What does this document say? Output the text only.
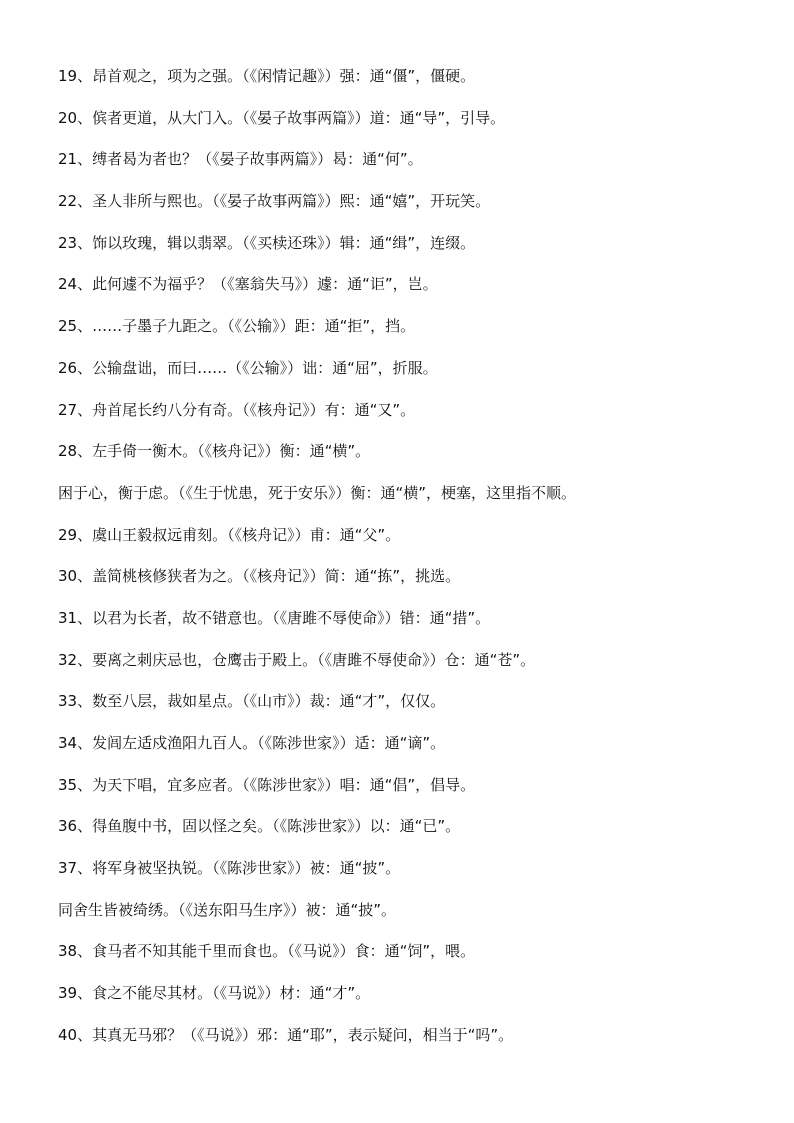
19、昂首观之，项为之强。（《闲情记趣》）强：通“僵”，僵硬。
20、傧者更道，从大门入。（《晏子故事两篇》）道：通“导”，引导。
21、缚者曷为者也？（《晏子故事两篇》）曷：通“何”。
22、圣人非所与熙也。（《晏子故事两篇》）熙：通“嬉”，开玩笑。
23、饰以玫瑰，辑以翡翠。（《买椟还珠》）辑：通“缉”，连缀。
24、此何遽不为福乎？（《塞翁失马》）遽：通“讵”，岂。
25、……子墨子九距之。（《公输》）距：通“拒”，挡。
26、公输盘诎，而曰……（《公输》）诎：通“屈”，折服。
27、舟首尾长约八分有奇。（《核舟记》）有：通“又”。
28、左手倚一衡木。（《核舟记》）衡：通“横”。
困于心，衡于虑。（《生于忧患，死于安乐》）衡：通“横”，梗塞，这里指不顺。
29、虞山王毅叔远甫刻。（《核舟记》）甫：通“父”。
30、盖简桃核修狭者为之。（《核舟记》）简：通“拣”，挑选。
31、以君为长者，故不错意也。（《唐雎不辱使命》）错：通“措”。
32、要离之刺庆忌也，仓鹰击于殿上。（《唐雎不辱使命》）仓：通“苍”。
33、数至八层，裁如星点。（《山市》）裁：通“才”，仅仅。
34、发闾左适戍渔阳九百人。（《陈涉世家》）适：通“谪”。
35、为天下唱，宜多应者。（《陈涉世家》）唱：通“倡”，倡导。
36、得鱼腹中书，固以怪之矣。（《陈涉世家》）以：通“已”。
37、将军身被坚执锐。（《陈涉世家》）被：通“披”。
同舍生皆被绮绣。（《送东阳马生序》）被：通“披”。
38、食马者不知其能千里而食也。（《马说》）食：通“饲”，喂。
39、食之不能尽其材。（《马说》）材：通“才”。
40、其真无马邪？（《马说》）邪：通“耶”，表示疑问，相当于“吗”。
